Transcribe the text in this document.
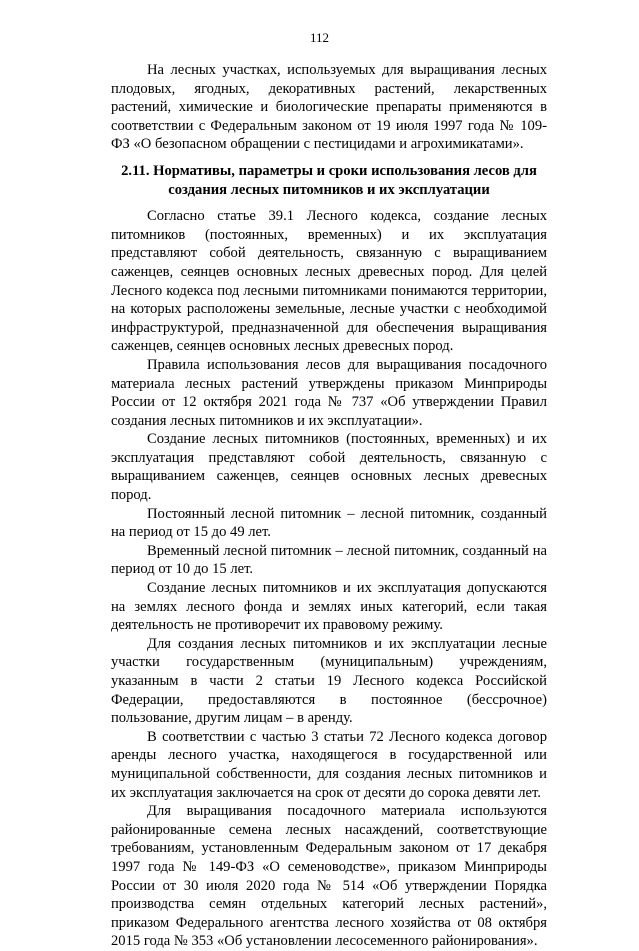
112

На лесных участках, используемых для выращивания лесных плодовых, ягодных, декоративных растений, лекарственных растений, химические и биологические препараты применяются в соответствии с Федеральным законом от 19 июля 1997 года № 109-ФЗ «О безопасном обращении с пестицидами и агрохимикатами».

2.11. Нормативы, параметры и сроки использования лесов для создания лесных питомников и их эксплуатации

Согласно статье 39.1 Лесного кодекса, создание лесных питомников (постоянных, временных) и их эксплуатация представляют собой деятельность, связанную с выращиванием саженцев, сеянцев основных лесных древесных пород. Для целей Лесного кодекса под лесными питомниками понимаются территории, на которых расположены земельные, лесные участки с необходимой инфраструктурой, предназначенной для обеспечения выращивания саженцев, сеянцев основных лесных древесных пород.

Правила использования лесов для выращивания посадочного материала лесных растений утверждены приказом Минприроды России от 12 октября 2021 года № 737 «Об утверждении Правил создания лесных питомников и их эксплуатации».

Создание лесных питомников (постоянных, временных) и их эксплуатация представляют собой деятельность, связанную с выращиванием саженцев, сеянцев основных лесных древесных пород.

Постоянный лесной питомник – лесной питомник, созданный на период от 15 до 49 лет.

Временный лесной питомник – лесной питомник, созданный на период от 10 до 15 лет.

Создание лесных питомников и их эксплуатация допускаются на землях лесного фонда и землях иных категорий, если такая деятельность не противоречит их правовому режиму.

Для создания лесных питомников и их эксплуатации лесные участки государственным (муниципальным) учреждениям, указанным в части 2 статьи 19 Лесного кодекса Российской Федерации, предоставляются в постоянное (бессрочное) пользование, другим лицам – в аренду.

В соответствии с частью 3 статьи 72 Лесного кодекса договор аренды лесного участка, находящегося в государственной или муниципальной собственности, для создания лесных питомников и их эксплуатация заключается на срок от десяти до сорока девяти лет.

Для выращивания посадочного материала используются районированные семена лесных насаждений, соответствующие требованиям, установленным Федеральным законом от 17 декабря 1997 года № 149-ФЗ «О семеноводстве», приказом Минприроды России от 30 июля 2020 года № 514 «Об утверждении Порядка производства семян отдельных категорий лесных растений», приказом Федерального агентства лесного хозяйства от 08 октября 2015 года № 353 «Об установлении лесосеменного районирования».
